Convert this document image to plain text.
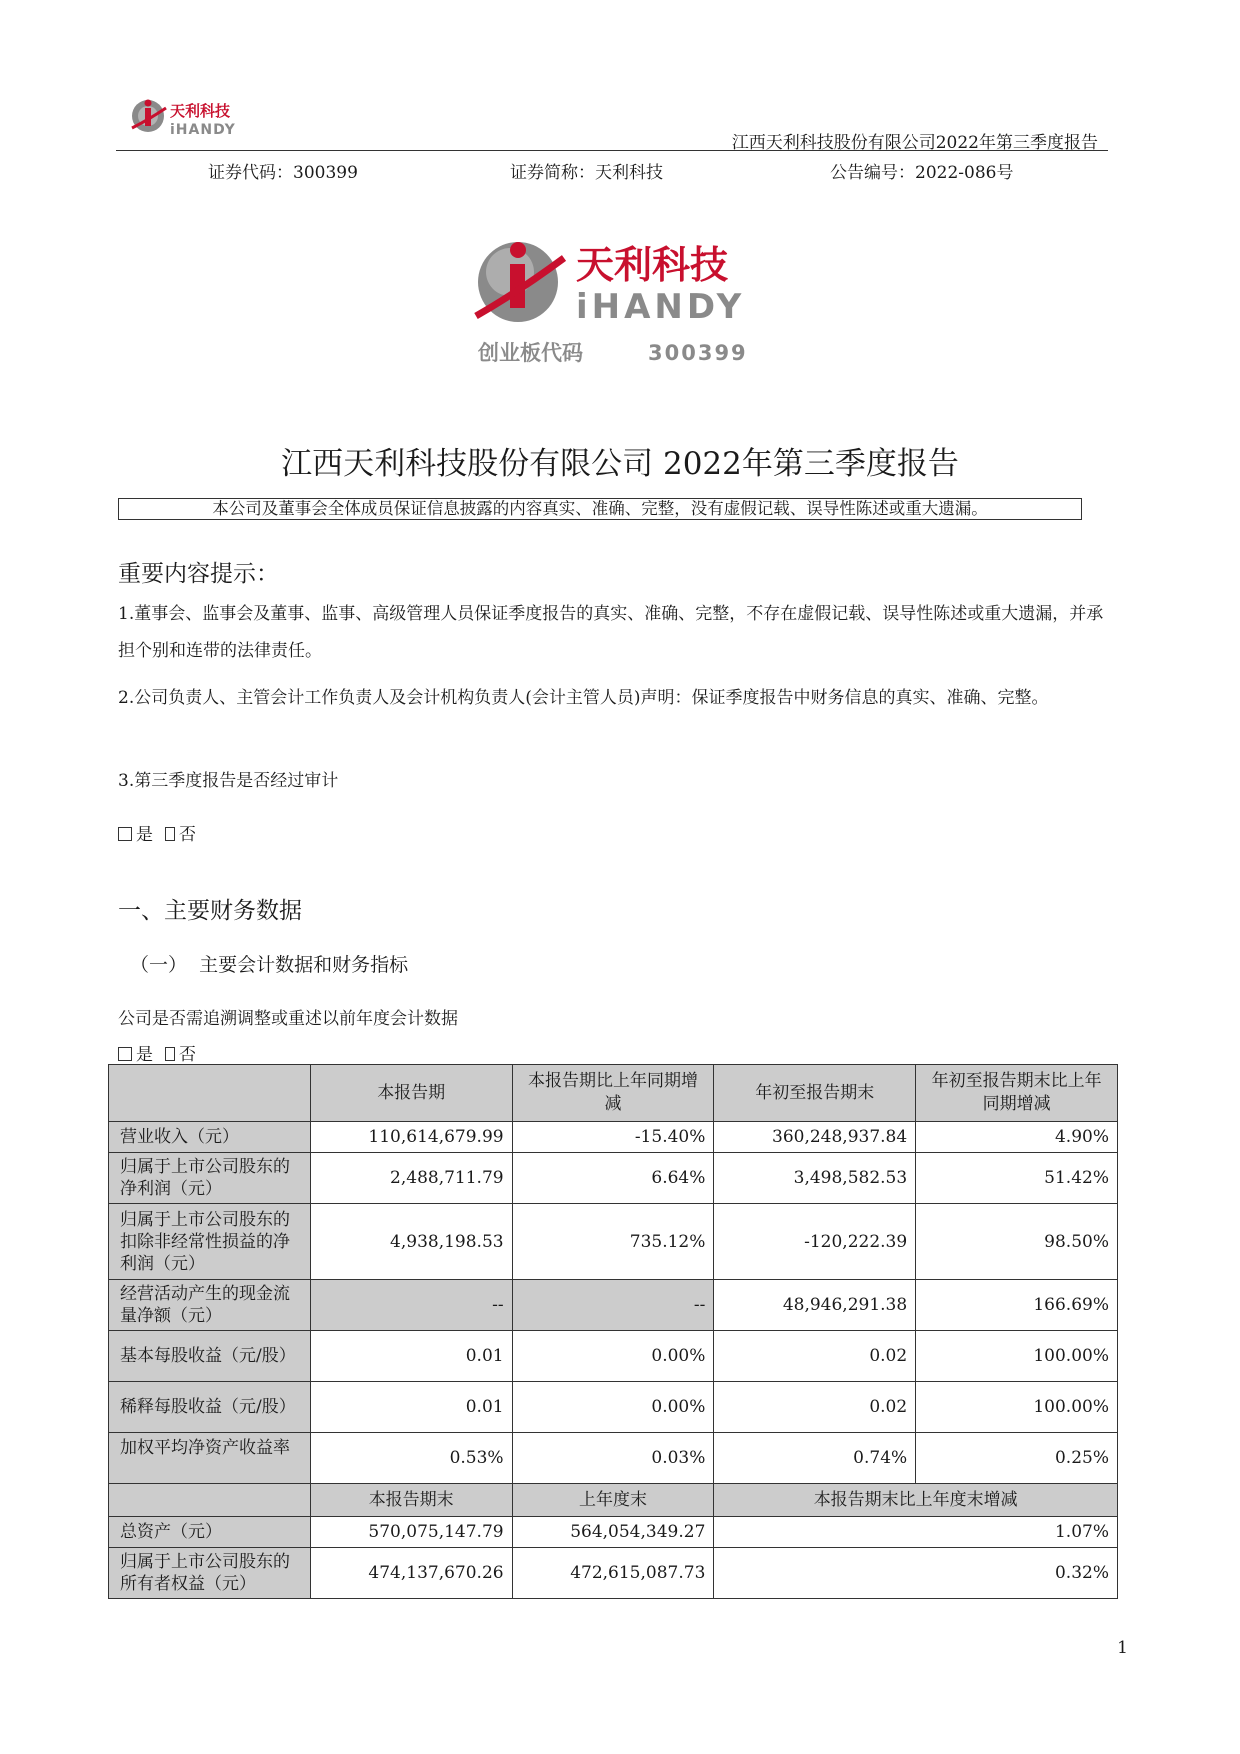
天利科技
iHANDY
江西天利科技股份有限公司2022年第三季度报告
证券代码：300399	证券简称：天利科技	公告编号：2022-086号
天利科技
iHANDY
创业板代码	300399
江西天利科技股份有限公司 2022年第三季度报告
本公司及董事会全体成员保证信息披露的内容真实、准确、完整，没有虚假记载、误导性陈述或重大遗漏。
重要内容提示：
1.董事会、监事会及董事、监事、高级管理人员保证季度报告的真实、准确、完整，不存在虚假记载、误导性陈述或重大遗漏，并承担个别和连带的法律责任。
2.公司负责人、主管会计工作负责人及会计机构负责人(会计主管人员)声明：保证季度报告中财务信息的真实、准确、完整。
3.第三季度报告是否经过审计
是 否
一、主要财务数据
（一）  主要会计数据和财务指标
公司是否需追溯调整或重述以前年度会计数据
是 否
	本报告期	本报告期比上年同期增减	年初至报告期末	年初至报告期末比上年同期增减
营业收入（元）	110,614,679.99	-15.40%	360,248,937.84	4.90%
归属于上市公司股东的净利润（元）	2,488,711.79	6.64%	3,498,582.53	51.42%
归属于上市公司股东的扣除非经常性损益的净利润（元）	4,938,198.53	735.12%	-120,222.39	98.50%
经营活动产生的现金流量净额（元）	--	--	48,946,291.38	166.69%
基本每股收益（元/股）	0.01	0.00%	0.02	100.00%
稀释每股收益（元/股）	0.01	0.00%	0.02	100.00%
加权平均净资产收益率	0.53%	0.03%	0.74%	0.25%
	本报告期末	上年度末	本报告期末比上年度末增减	
总资产（元）	570,075,147.79	564,054,349.27	1.07%	
归属于上市公司股东的所有者权益（元）	474,137,670.26	472,615,087.73	0.32%	
1
